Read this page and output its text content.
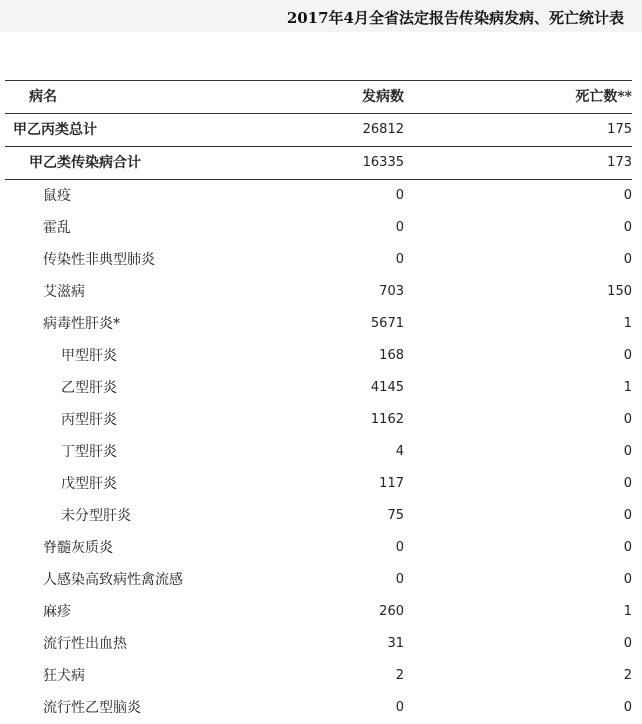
2017年4月全省法定报告传染病发病、死亡统计表
病名	发病数	死亡数**
甲乙丙类总计	26812	175
甲乙类传染病合计	16335	173
鼠疫	0	0
霍乱	0	0
传染性非典型肺炎	0	0
艾滋病	703	150
病毒性肝炎*	5671	1
甲型肝炎	168	0
乙型肝炎	4145	1
丙型肝炎	1162	0
丁型肝炎	4	0
戊型肝炎	117	0
未分型肝炎	75	0
脊髓灰质炎	0	0
人感染高致病性禽流感	0	0
麻疹	260	1
流行性出血热	31	0
狂犬病	2	2
流行性乙型脑炎	0	0
